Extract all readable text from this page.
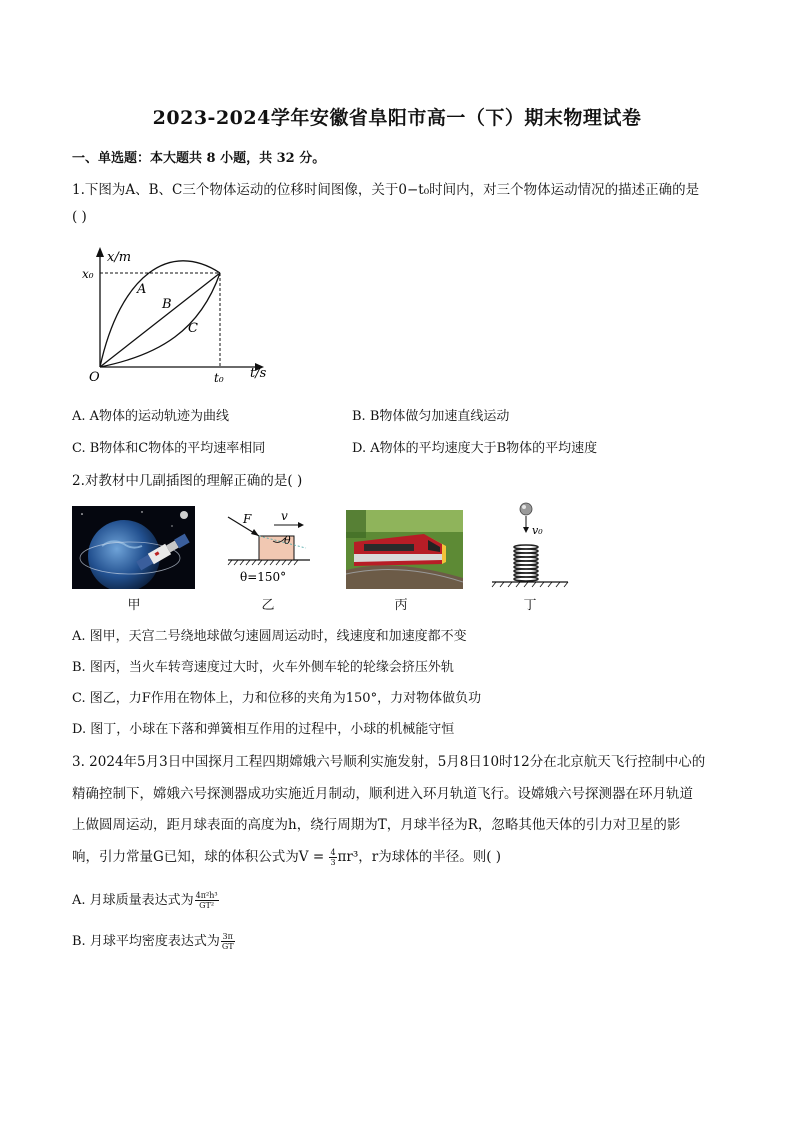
2023-2024学年安徽省阜阳市高一（下）期末物理试卷
一、单选题：本大题共 8 小题，共 32 分。
1.下图为A、B、C三个物体运动的位移时间图像，关于0−t₀时间内，对三个物体运动情况的描述正确的是
( )
x/m
x₀
A
B
C
O	t₀ t/s
A. A物体的运动轨迹为曲线	B. B物体做匀加速直线运动
C. B物体和C物体的平均速率相同	D. A物体的平均速度大于B物体的平均速度
2.对教材中几副插图的理解正确的是( )
F v
θ
θ=150°
v₀
甲	乙	丙	丁
A. 图甲，天宫二号绕地球做匀速圆周运动时，线速度和加速度都不变
B. 图丙，当火车转弯速度过大时，火车外侧车轮的轮缘会挤压外轨
C. 图乙，力F作用在物体上，力和位移的夹角为150°，力对物体做负功
D. 图丁，小球在下落和弹簧相互作用的过程中，小球的机械能守恒
3. 2024年5月3日中国探月工程四期嫦娥六号顺利实施发射，5月8日10时12分在北京航天飞行控制中心的
精确控制下，嫦娥六号探测器成功实施近月制动，顺利进入环月轨道飞行。设嫦娥六号探测器在环月轨道
上做圆周运动，距月球表面的高度为h，绕行周期为T，月球半径为R，忽略其他天体的引力对卫星的影
响，引力常量G已知，球的体积公式为$V = \frac{4}{3} \pi r^3$，r为球体的半径。则( )
A. 月球质量表达式为 $\frac{\text{4π²h³}}{\text{GT²}}$
B. 月球平均密度表达式为 $\frac{3\pi}{GT}$
